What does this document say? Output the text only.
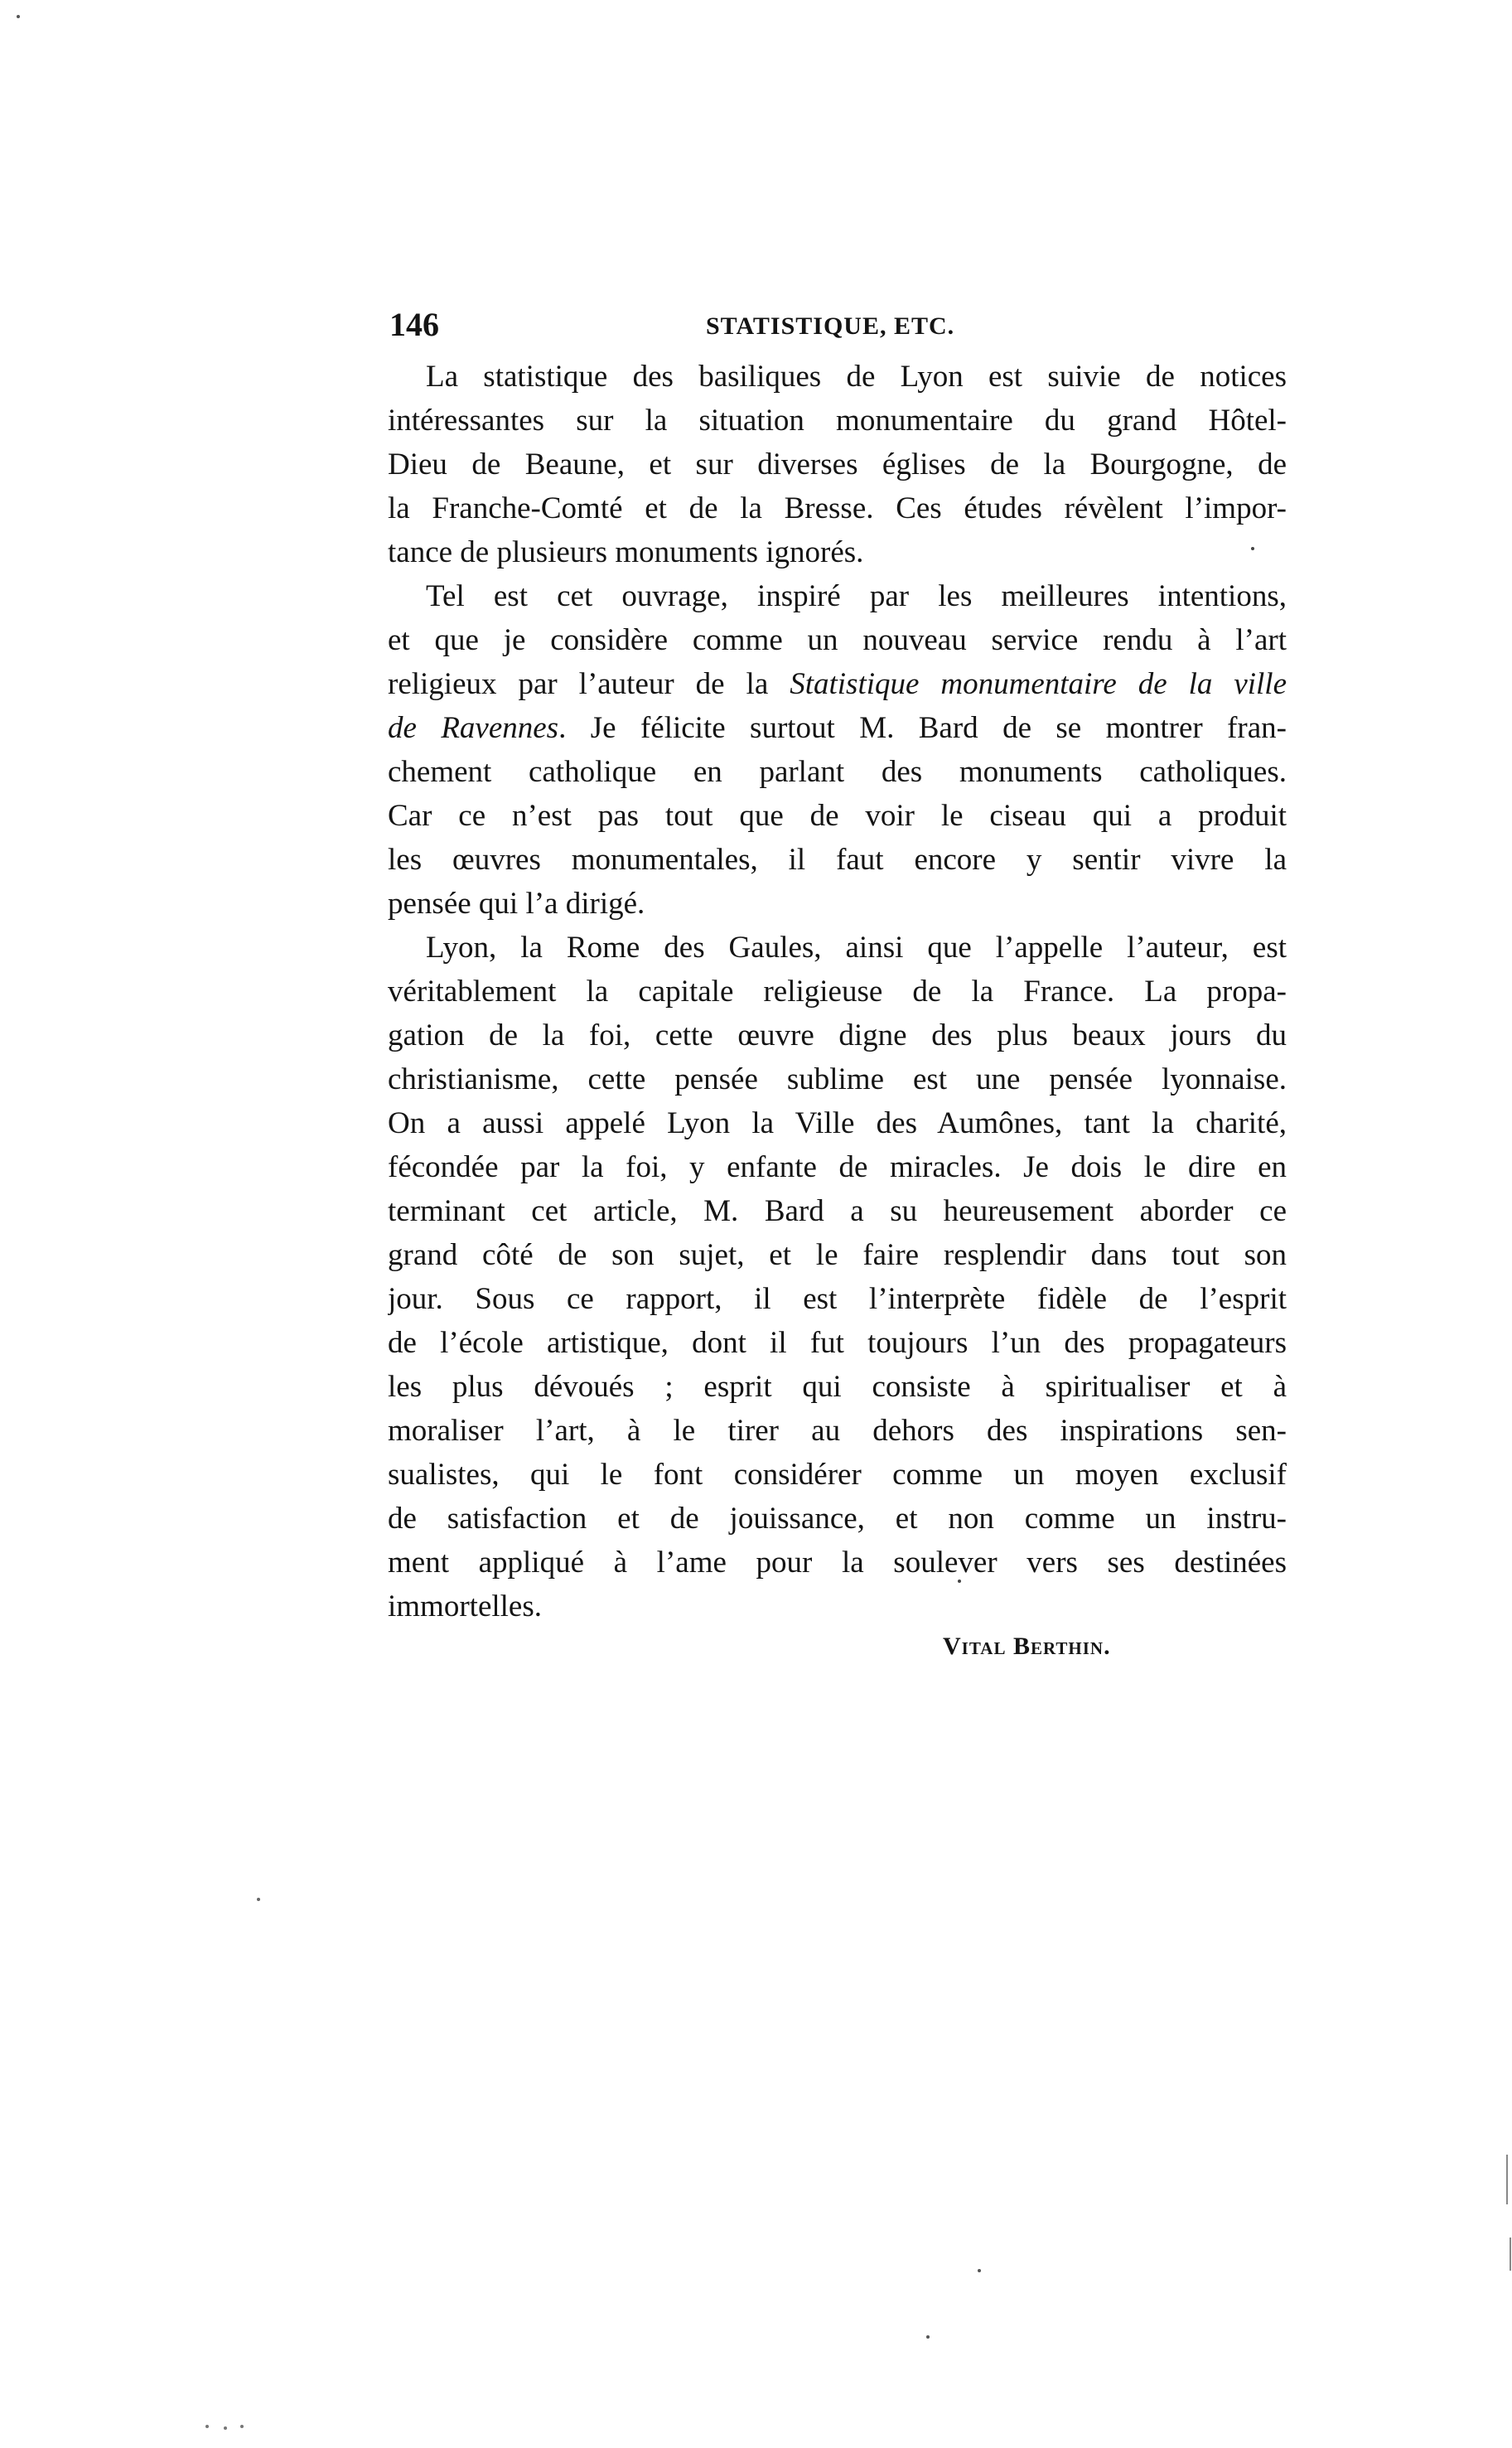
146	STATISTIQUE, ETC.
La statistique des basiliques de Lyon est suivie de notices
intéressantes sur la situation monumentaire du grand Hôtel-
Dieu de Beaune, et sur diverses églises de la Bourgogne, de
la Franche-Comté et de la Bresse. Ces études révèlent l’impor-
tance de plusieurs monuments ignorés.
Tel est cet ouvrage, inspiré par les meilleures intentions,
et que je considère comme un nouveau service rendu à l’art
religieux par l’auteur de la Statistique monumentaire de la ville
de Ravennes. Je félicite surtout M. Bard de se montrer fran-
chement catholique en parlant des monuments catholiques.
Car ce n’est pas tout que de voir le ciseau qui a produit
les œuvres monumentales, il faut encore y sentir vivre la
pensée qui l’a dirigé.
Lyon, la Rome des Gaules, ainsi que l’appelle l’auteur, est
véritablement la capitale religieuse de la France. La propa-
gation de la foi, cette œuvre digne des plus beaux jours du
christianisme, cette pensée sublime est une pensée lyonnaise.
On a aussi appelé Lyon la Ville des Aumônes, tant la charité,
fécondée par la foi, y enfante de miracles. Je dois le dire en
terminant cet article, M. Bard a su heureusement aborder ce
grand côté de son sujet, et le faire resplendir dans tout son
jour. Sous ce rapport, il est l’interprète fidèle de l’esprit
de l’école artistique, dont il fut toujours l’un des propagateurs
les plus dévoués ; esprit qui consiste à spiritualiser et à
moraliser l’art, à le tirer au dehors des inspirations sen-
sualistes, qui le font considérer comme un moyen exclusif
de satisfaction et de jouissance, et non comme un instru-
ment appliqué à l’ame pour la soulever vers ses destinées
immortelles.
Vital Berthin.
